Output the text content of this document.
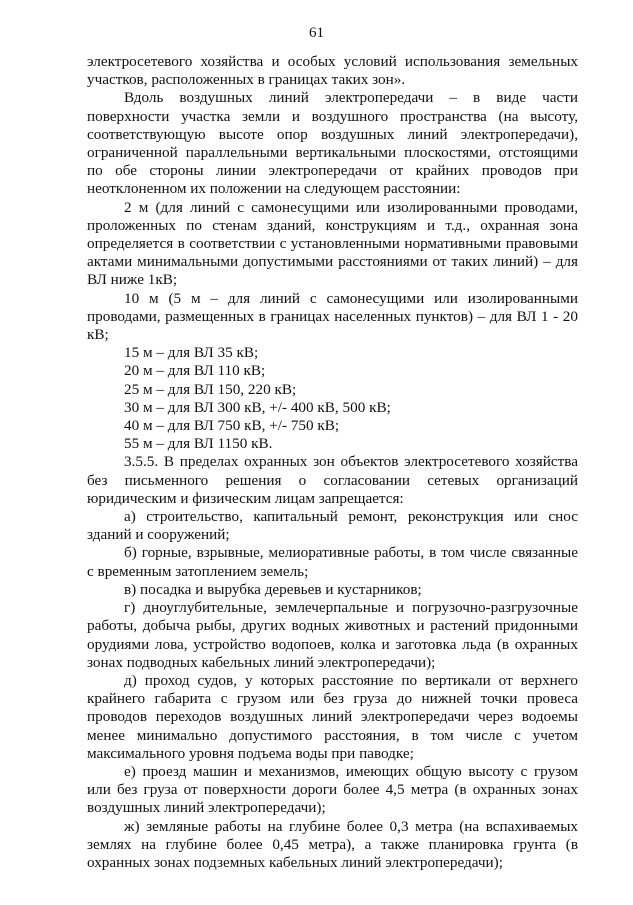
61

электросетевого хозяйства и особых условий использования земельных участков, расположенных в границах таких зон».

Вдоль воздушных линий электропередачи – в виде части поверхности участка земли и воздушного пространства (на высоту, соответствующую высоте опор воздушных линий электропередачи), ограниченной параллельными вертикальными плоскостями, отстоящими по обе стороны линии электропередачи от крайних проводов при неотклоненном их положении на следующем расстоянии:

2 м (для линий с самонесущими или изолированными проводами, проложенных по стенам зданий, конструкциям и т.д., охранная зона определяется в соответствии с установленными нормативными правовыми актами минимальными допустимыми расстояниями от таких линий) – для ВЛ ниже 1кВ;

10 м (5 м – для линий с самонесущими или изолированными проводами, размещенных в границах населенных пунктов) – для ВЛ 1 - 20 кВ;

15 м – для ВЛ 35 кВ;

20 м – для ВЛ 110 кВ;

25 м – для ВЛ 150, 220 кВ;

30 м – для ВЛ 300 кВ, +/- 400 кВ, 500 кВ;

40 м – для ВЛ 750 кВ, +/- 750 кВ;

55 м – для ВЛ 1150 кВ.

3.5.5. В пределах охранных зон объектов электросетевого хозяйства без письменного решения о согласовании сетевых организаций юридическим и физическим лицам запрещается:

а) строительство, капитальный ремонт, реконструкция или снос зданий и сооружений;

б) горные, взрывные, мелиоративные работы, в том числе связанные с временным затоплением земель;

в) посадка и вырубка деревьев и кустарников;

г) дноуглубительные, землечерпальные и погрузочно-разгрузочные работы, добыча рыбы, других водных животных и растений придонными орудиями лова, устройство водопоев, колка и заготовка льда (в охранных зонах подводных кабельных линий электропередачи);

д) проход судов, у которых расстояние по вертикали от верхнего крайнего габарита с грузом или без груза до нижней точки провеса проводов переходов воздушных линий электропередачи через водоемы менее минимально допустимого расстояния, в том числе с учетом максимального уровня подъема воды при паводке;

е) проезд машин и механизмов, имеющих общую высоту с грузом или без груза от поверхности дороги более 4,5 метра (в охранных зонах воздушных линий электропередачи);

ж) земляные работы на глубине более 0,3 метра (на вспахиваемых землях на глубине более 0,45 метра), а также планировка грунта (в охранных зонах подземных кабельных линий электропередачи);
